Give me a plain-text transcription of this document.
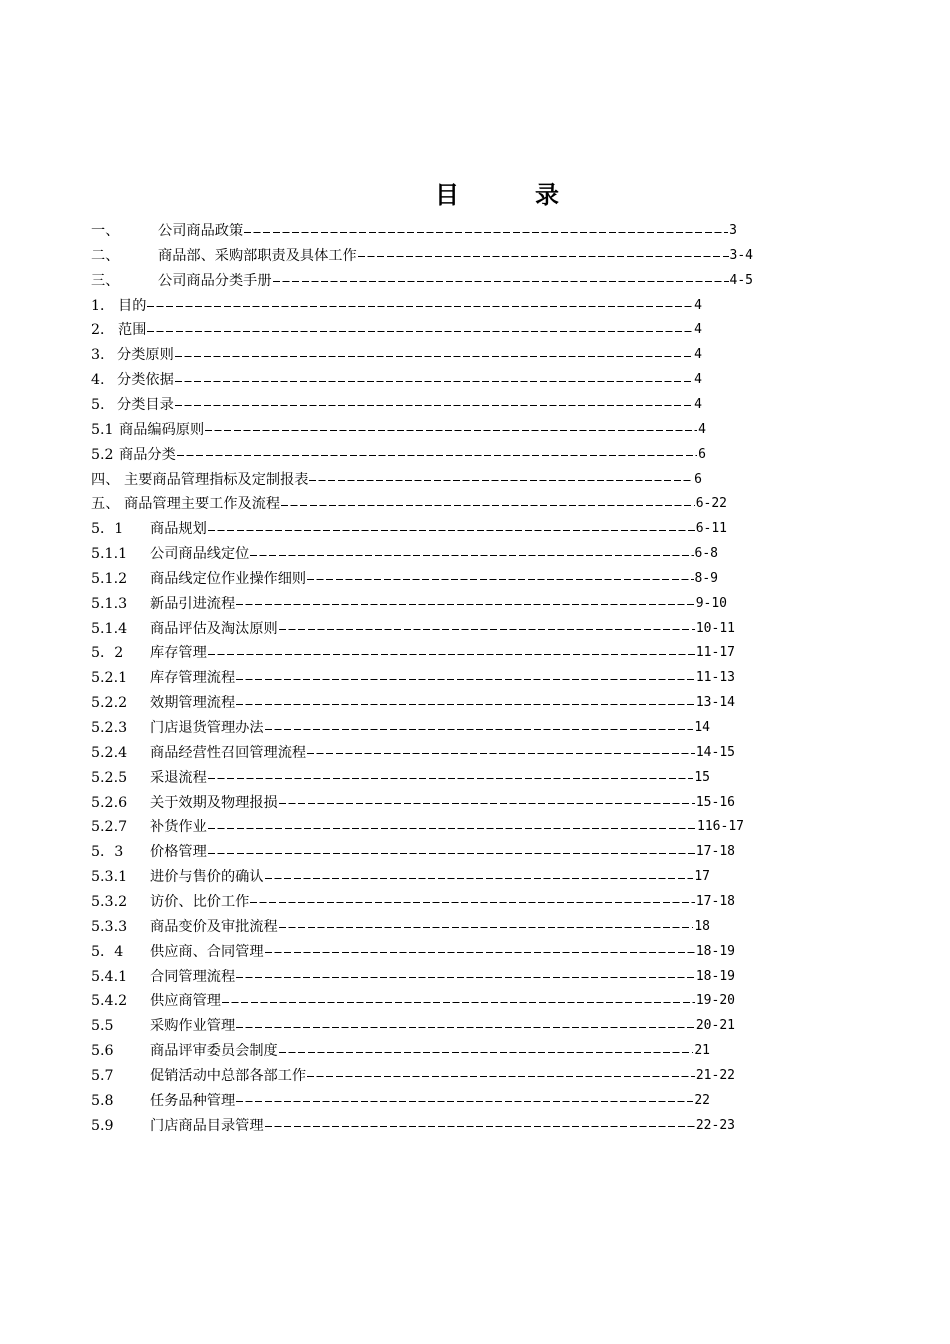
目	录
一、	公司商品政策	3
二、	商品部、采购部职责及具体工作	3-4
三、	公司商品分类手册	4-5
1． 目的	4
2． 范围	4
3. 分类原则	4
4. 分类依据	4
5. 分类目录	4
5.1 商品编码原则	4
5.2 商品分类	6
四、 主要商品管理指标及定制报表	6
五、 商品管理主要工作及流程	6-22
5．1	商品规划	6-11
5.1.1	公司商品线定位	6-8
5.1.2	商品线定位作业操作细则	8-9
5.1.3	新品引进流程	9-10
5.1.4	商品评估及淘汰原则	10-11
5．2	库存管理	11-17
5.2.1	库存管理流程	11-13
5.2.2	效期管理流程	13-14
5.2.3	门店退货管理办法	14
5.2.4	商品经营性召回管理流程	14-15
5.2.5	采退流程	15
5.2.6	关于效期及物理报损	15-16
5.2.7	补货作业	116-17
5．3	价格管理	17-18
5.3.1	进价与售价的确认	17
5.3.2	访价、比价工作	17-18
5.3.3	商品变价及审批流程	18
5．4	供应商、合同管理	18-19
5.4.1	合同管理流程	18-19
5.4.2	供应商管理	19-20
5.5	采购作业管理	20-21
5.6	商品评审委员会制度	21
5.7	促销活动中总部各部工作	21-22
5.8	任务品种管理	22
5.9	门店商品目录管理	22-23
